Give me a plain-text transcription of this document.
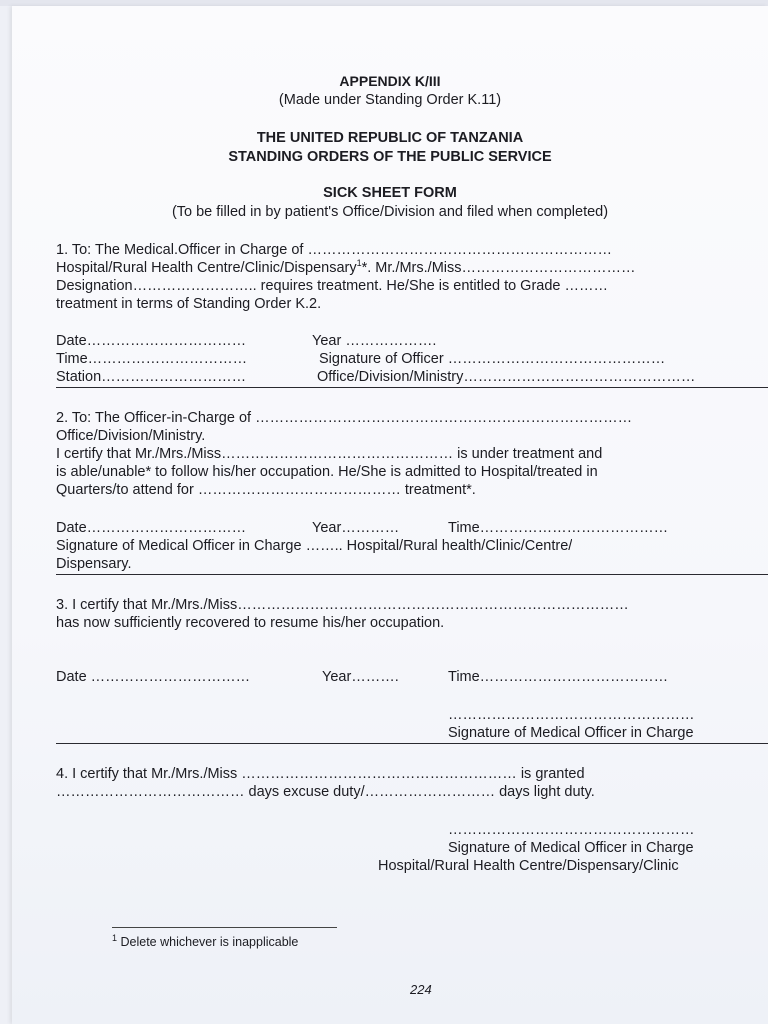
APPENDIX K/III
(Made under Standing Order K.11)
THE UNITED REPUBLIC OF TANZANIA
STANDING ORDERS OF THE PUBLIC SERVICE
SICK SHEET FORM
(To be filled in by patient's Office/Division and filed when completed)
1. To: The Medical.Officer in Charge of ………………………………………………………
Hospital/Rural Health Centre/Clinic/Dispensary$^1$*. Mr./Mrs./Miss………………………………
Designation…………………….. requires treatment. He/She is entitled to Grade ………
treatment in terms of Standing Order K.2.
Date……………………………	Year ……………….
Time……………………………	Signature of Officer ………………………………………
Station…………………………	Office/Division/Ministry…………………………………………
2. To: The Officer-in-Charge of ……………………………………………………………………
Office/Division/Ministry.
I certify that Mr./Mrs./Miss………………………………………… is under treatment and
is able/unable* to follow his/her occupation. He/She is admitted to Hospital/treated in
Quarters/to attend for …………………………………… treatment*.
Date……………………………	Year…………	Time…………………………………
Signature of Medical Officer in Charge …….. Hospital/Rural health/Clinic/Centre/
Dispensary.
3. I certify that Mr./Mrs./Miss………………………………………………………………………
has now sufficiently recovered to resume his/her occupation.
Date ……………………………	Year……….	Time…………………………………
……………………………………………
Signature of Medical Officer in Charge
4. I certify that Mr./Mrs./Miss ………………………………………………… is granted
………………………………… days excuse duty/……………………… days light duty.
……………………………………………
Signature of Medical Officer in Charge
Hospital/Rural Health Centre/Dispensary/Clinic
$^1$ Delete whichever is inapplicable
224
